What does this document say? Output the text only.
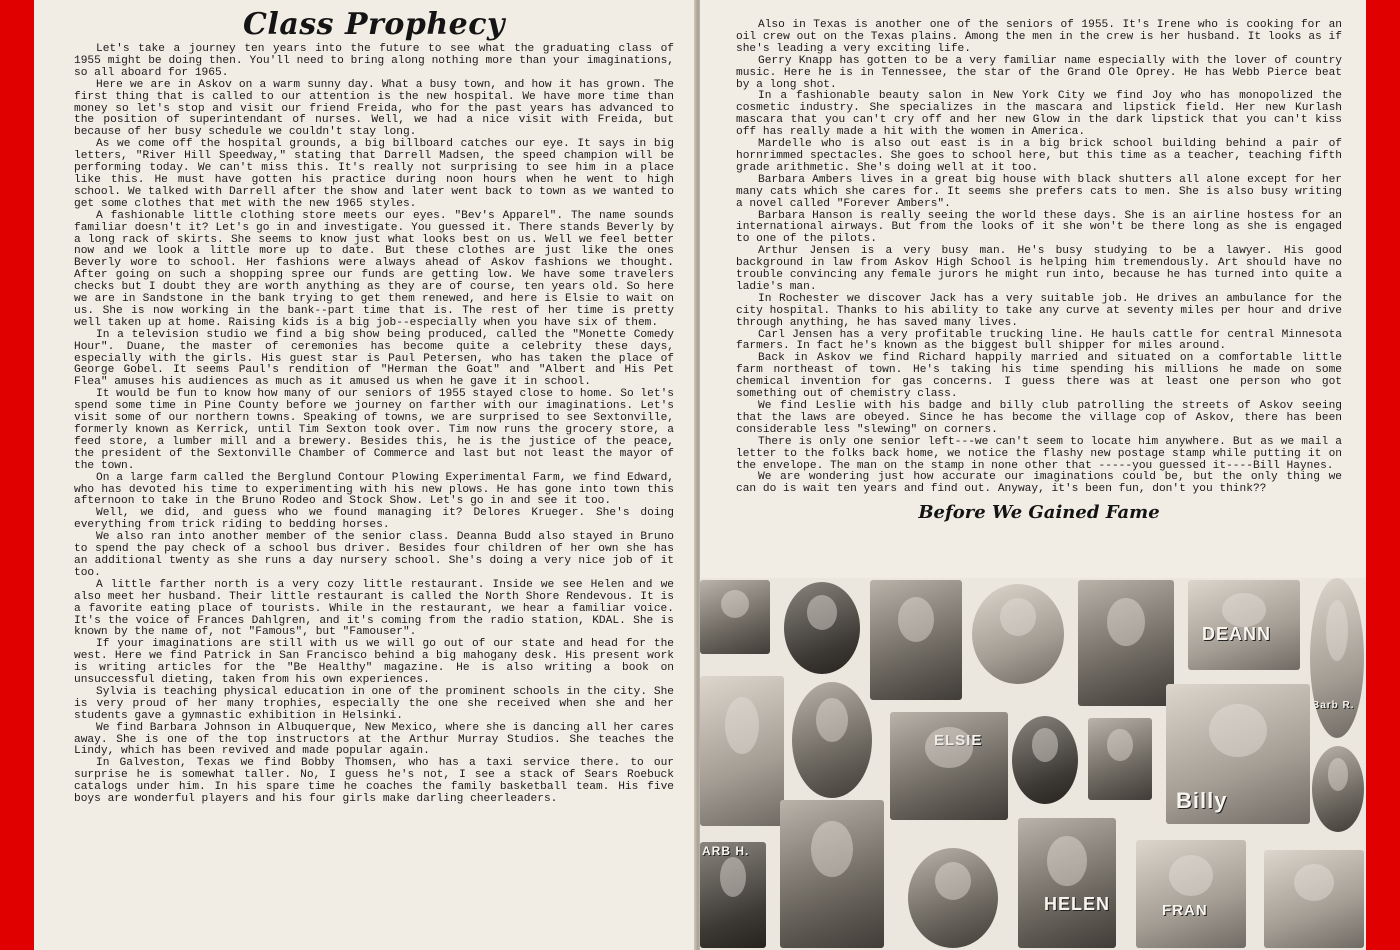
Class Prophecy

Let's take a journey ten years into the future to see what the graduating class of 1955 might be doing then. You'll need to bring along nothing more than your imaginations, so all aboard for 1965.

Here we are in Askov on a warm sunny day. What a busy town, and how it has grown. The first thing that is called to our attention is the new hospital. We have more time than money so let's stop and visit our friend Freida, who for the past years has advanced to the position of superintendant of nurses. Well, we had a nice visit with Freida, but because of her busy schedule we couldn't stay long.

As we come off the hospital grounds, a big billboard catches our eye. It says in big letters, "River Hill Speedway," stating that Darrell Madsen, the speed champion will be performing today. We can't miss this. It's really not surprising to see him in a place like this. He must have gotten his practice during noon hours when he went to high school. We talked with Darrell after the show and later went back to town as we wanted to get some clothes that met with the new 1965 styles.

A fashionable little clothing store meets our eyes. "Bev's Apparel". The name sounds familiar doesn't it? Let's go in and investigate. You guessed it. There stands Beverly by a long rack of skirts. She seems to know just what looks best on us. Well we feel better now and we look a little more up to date. But these clothes are just like the ones Beverly wore to school. Her fashions were always ahead of Askov fashions we thought. After going on such a shopping spree our funds are getting low. We have some travelers checks but I doubt they are worth anything as they are of course, ten years old. So here we are in Sandstone in the bank trying to get them renewed, and here is Elsie to wait on us. She is now working in the bank--part time that is. The rest of her time is pretty well taken up at home. Raising kids is a big job--especially when you have six of them.

In a television studio we find a big show being produced, called the "Monette Comedy Hour". Duane, the master of ceremonies has become quite a celebrity these days, especially with the girls. His guest star is Paul Petersen, who has taken the place of George Gobel. It seems Paul's rendition of "Herman the Goat" and "Albert and His Pet Flea" amuses his audiences as much as it amused us when he gave it in school.

It would be fun to know how many of our seniors of 1955 stayed close to home. So let's spend some time in Pine County before we journey on farther with our imaginations. Let's visit some of our northern towns. Speaking of towns, we are surprised to see Sextonville, formerly known as Kerrick, until Tim Sexton took over. Tim now runs the grocery store, a feed store, a lumber mill and a brewery. Besides this, he is the justice of the peace, the president of the Sextonville Chamber of Commerce and last but not least the mayor of the town.

On a large farm called the Berglund Contour Plowing Experimental Farm, we find Edward, who has devoted his time to experimenting with his new plows. He has gone into town this afternoon to take in the Bruno Rodeo and Stock Show. Let's go in and see it too.

Well, we did, and guess who we found managing it? Delores Krueger. She's doing everything from trick riding to bedding horses.

We also ran into another member of the senior class. Deanna Budd also stayed in Bruno to spend the pay check of a school bus driver. Besides four children of her own she has an additional twenty as she runs a day nursery school. She's doing a very nice job of it too.

A little farther north is a very cozy little restaurant. Inside we see Helen and we also meet her husband. Their little restaurant is called the North Shore Rendevous. It is a favorite eating place of tourists. While in the restaurant, we hear a familiar voice. It's the voice of Frances Dahlgren, and it's coming from the radio station, KDAL. She is known by the name of, not "Famous", but "Famouser".

If your imaginations are still with us we will go out of our state and head for the west. Here we find Patrick in San Francisco behind a big mahogany desk. His present work is writing articles for the "Be Healthy" magazine. He is also writing a book on unsuccessful dieting, taken from his own experiences.

Sylvia is teaching physical education in one of the prominent schools in the city. She is very proud of her many trophies, especially the one she received when she and her students gave a gymnastic exhibition in Helsinki.

We find Barbara Johnson in Albuquerque, New Mexico, where she is dancing all her cares away. She is one of the top instructors at the Arthur Murray Studios. She teaches the Lindy, which has been revived and made popular again.

In Galveston, Texas we find Bobby Thomsen, who has a taxi service there. to our surprise he is somewhat taller. No, I guess he's not, I see a stack of Sears Roebuck catalogs under him. In his spare time he coaches the family basketball team. His five boys are wonderful players and his four girls make darling cheerleaders.

Also in Texas is another one of the seniors of 1955. It's Irene who is cooking for an oil crew out on the Texas plains. Among the men in the crew is her husband. It looks as if she's leading a very exciting life.

Gerry Knapp has gotten to be a very familiar name especially with the lover of country music. Here he is in Tennessee, the star of the Grand Ole Oprey. He has Webb Pierce beat by a long shot.

In a fashionable beauty salon in New York City we find Joy who has monopolized the cosmetic industry. She specializes in the mascara and lipstick field. Her new Kurlash mascara that you can't cry off and her new Glow in the dark lipstick that you can't kiss off has really made a hit with the women in America.

Mardelle who is also out east is in a big brick school building behind a pair of hornrimmed spectacles. She goes to school here, but this time as a teacher, teaching fifth grade arithmetic. She's doing well at it too.

Barbara Ambers lives in a great big house with black shutters all alone except for her many cats which she cares for. It seems she prefers cats to men. She is also busy writing a novel called "Forever Ambers".

Barbara Hanson is really seeing the world these days. She is an airline hostess for an international airways. But from the looks of it she won't be there long as she is engaged to one of the pilots.

Arthur Jensen is a very busy man. He's busy studying to be a lawyer. His good background in law from Askov High School is helping him tremendously. Art should have no trouble convincing any female jurors he might run into, because he has turned into quite a ladie's man.

In Rochester we discover Jack has a very suitable job. He drives an ambulance for the city hospital. Thanks to his ability to take any curve at seventy miles per hour and drive through anything, he has saved many lives.

Carl Jensen has a very profitable trucking line. He hauls cattle for central Minnesota farmers. In fact he's known as the biggest bull shipper for miles around.

Back in Askov we find Richard happily married and situated on a comfortable little farm northeast of town. He's taking his time spending his millions he made on some chemical invention for gas concerns. I guess there was at least one person who got something out of chemistry class.

We find Leslie with his badge and billy club patrolling the streets of Askov seeing that the laws are obeyed. Since he has become the village cop of Askov, there has been considerable less "slewing" on corners.

There is only one senior left---we can't seem to locate him anywhere. But as we mail a letter to the folks back home, we notice the flashy new postage stamp while putting it on the envelope. The man on the stamp in none other that -----you guessed it----Bill Haynes.

We are wondering just how accurate our imaginations could be, but the only thing we can do is wait ten years and find out. Anyway, it's been fun, don't you think??

Before We Gained Fame
DEANN
Barb R.
ELSIE
Billy
ARB H.
HELEN	FRAN
